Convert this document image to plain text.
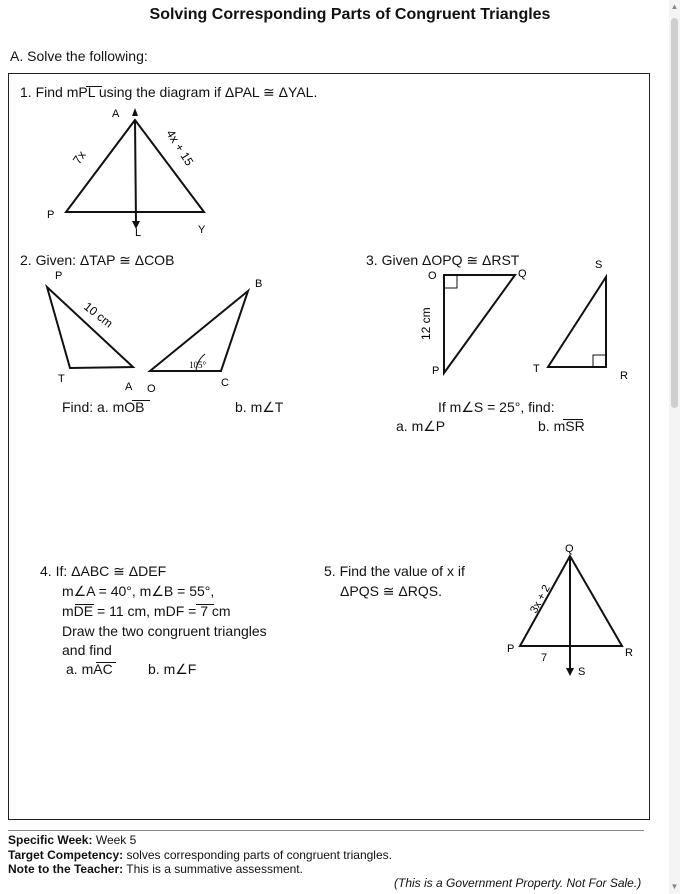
Solving Corresponding Parts of Congruent Triangles
A. Solve the following:
1. Find mPL using the diagram if ΔPAL ≅ ΔYAL.
2. Given: ΔTAP ≅ ΔCOB
Find: a. mOB	b. m∠T
3. Given ΔOPQ ≅ ΔRST
If m∠S = 25°, find:
a. m∠P	b. mSR
4. If: ΔABC ≅ ΔDEF
m∠A = 40°, m∠B = 55°,
mDE = 11 cm, mDF = 7 cm
Draw the two congruent triangles
and find
a. mAC	b. m∠F
5. Find the value of x if
ΔPQS ≅ ΔRQS.
A
P
L	Y
7x	4x + 15
P
T
A O
B
C
10 cm
105°
O	Q
P
S
T
R
12 cm
Q
P	R
S
7
3x + 2
Specific Week: Week 5
Target Competency: solves corresponding parts of congruent triangles.
Note to the Teacher: This is a summative assessment.
(This is a Government Property. Not For Sale.)
▲
▼
